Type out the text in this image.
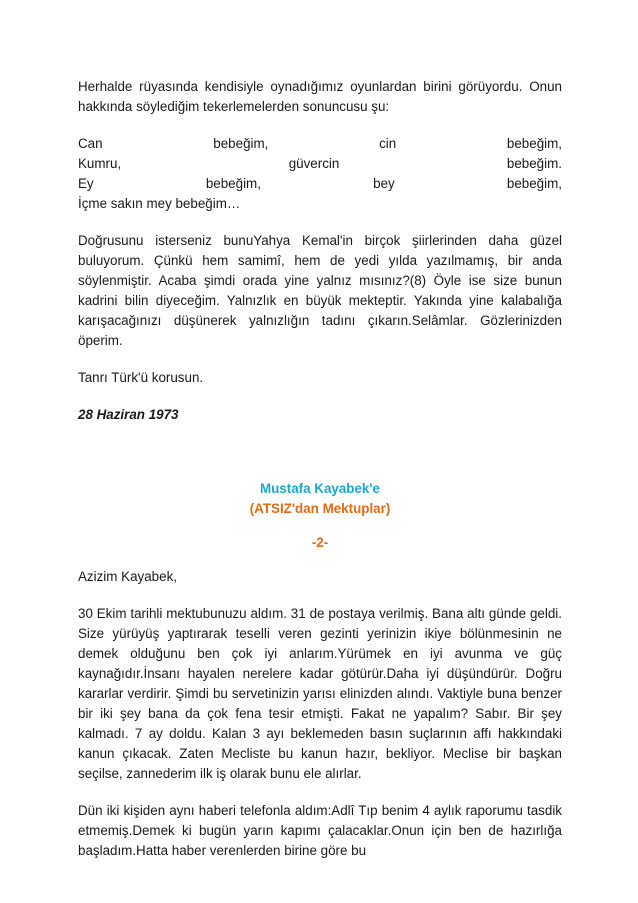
Herhalde rüyasında kendisiyle oynadığımız oyunlardan birini görüyordu. Onun hakkında söylediğim tekerlemelerden sonuncusu şu:

Can	bebeğim,	cin	bebeğim,
Kumru,	güvercin	bebeğim.
Ey	bebeğim,	bey	bebeğim,
İçme sakın mey bebeğim…

Doğrusunu isterseniz bunuYahya Kemal'in birçok şiirlerinden daha güzel buluyorum. Çünkü hem samimî, hem de yedi yılda yazılmamış, bir anda söylenmiştir. Acaba şimdi orada yine yalnız mısınız?(8) Öyle ise size bunun kadrini bilin diyeceğim. Yalnızlık en büyük mekteptir. Yakında yine kalabalığa karışacağınızı düşünerek yalnızlığın tadını çıkarın.Selâmlar. Gözlerinizden öperim.

Tanrı Türk'ü korusun.

28 Haziran 1973

Mustafa Kayabek'e
(ATSIZ'dan Mektuplar)
-2-

Azizim Kayabek,

30 Ekim tarihli mektubunuzu aldım. 31 de postaya verilmiş. Bana altı günde geldi. Size yürüyüş yaptırarak teselli veren gezinti yerinizin ikiye bölünmesinin ne demek olduğunu ben çok iyi anlarım.Yürümek en iyi avunma ve güç kaynağıdır.İnsanı hayalen nerelere kadar götürür.Daha iyi düşündürür. Doğru kararlar verdirir. Şimdi bu servetinizin yarısı elinizden alındı. Vaktiyle buna benzer bir iki şey bana da çok fena tesir etmişti. Fakat ne yapalım? Sabır. Bir şey kalmadı. 7 ay doldu. Kalan 3 ayı beklemeden basın suçlarının affı hakkındaki kanun çıkacak. Zaten Mecliste bu kanun hazır, bekliyor. Meclise bir başkan seçilse, zannederim ilk iş olarak bunu ele alırlar.

Dün iki kişiden aynı haberi telefonla aldım:Adlî Tıp benim 4 aylık raporumu tasdik etmemiş.Demek ki bugün yarın kapımı çalacaklar.Onun için ben de hazırlığa başladım.Hatta haber verenlerden birine göre bu
